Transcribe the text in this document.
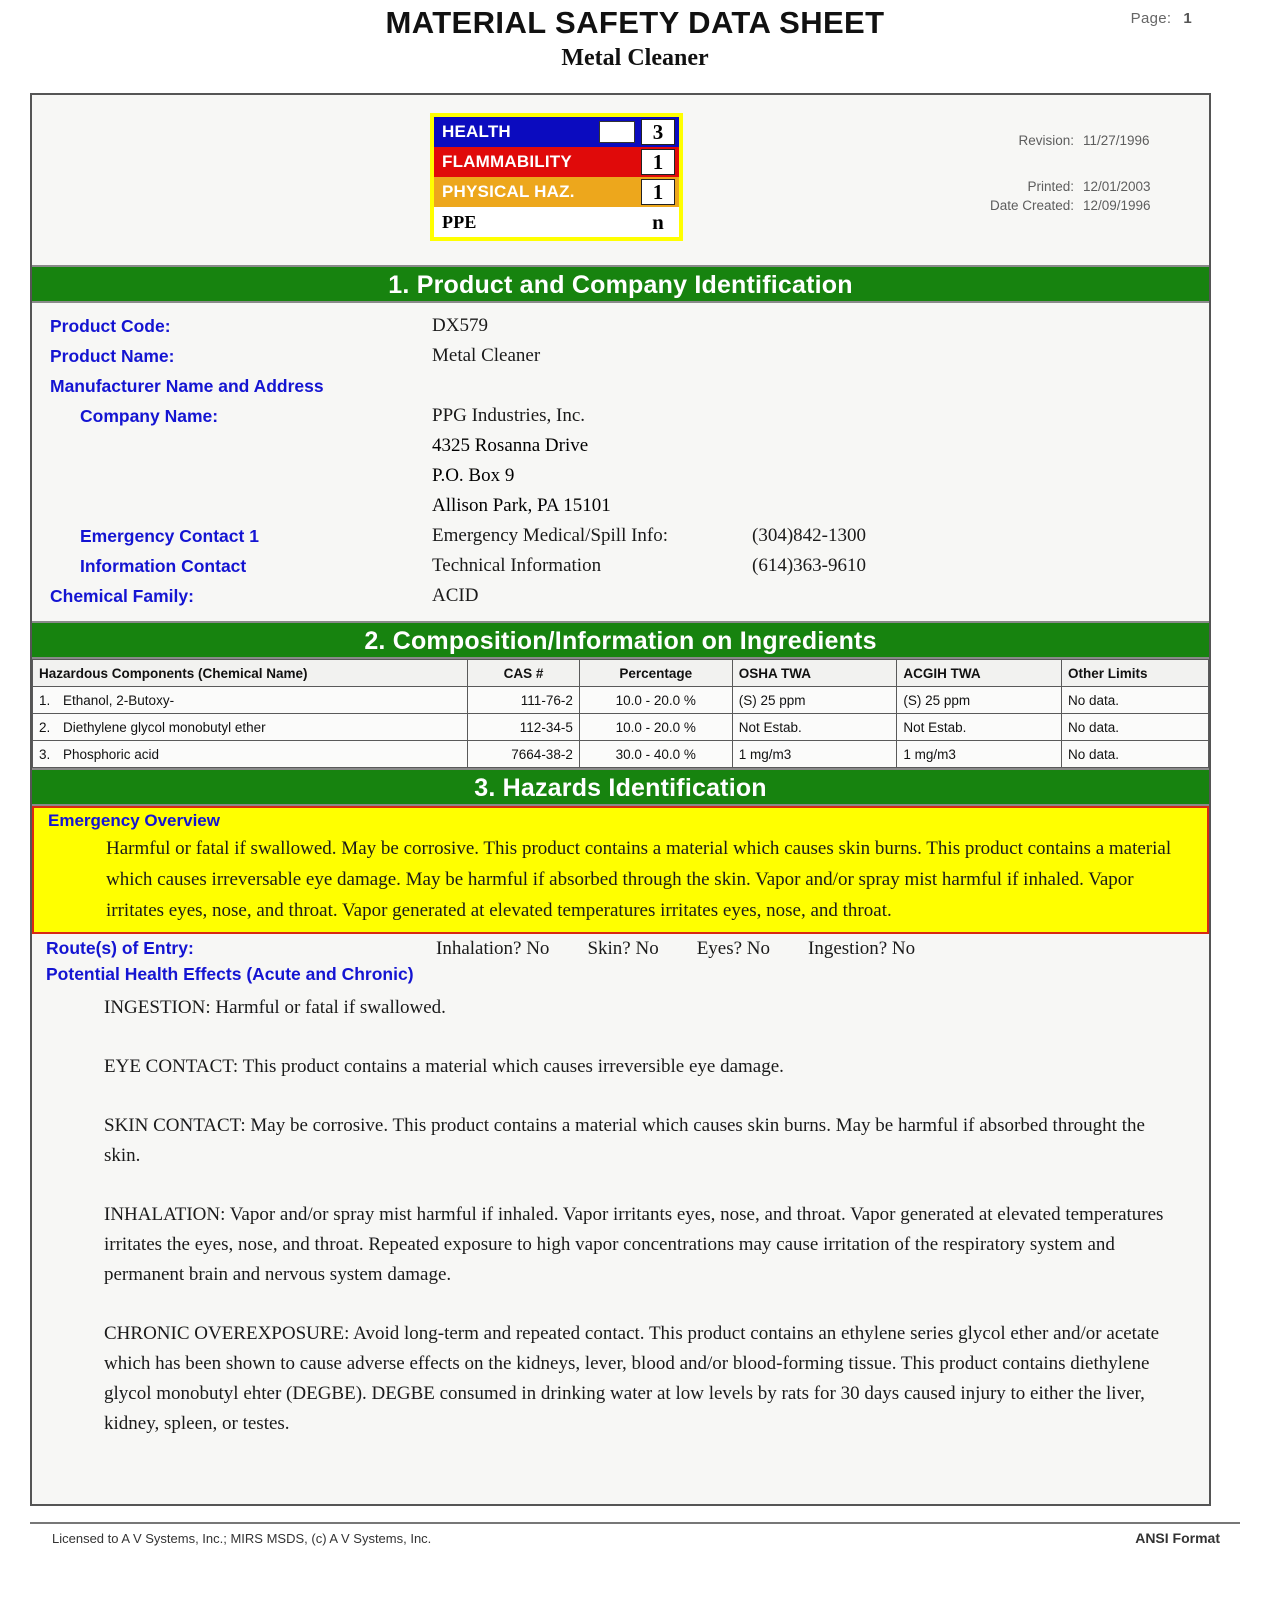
MATERIAL SAFETY DATA SHEET
Metal Cleaner
Page: 1
HEALTH	3
FLAMMABILITY	1
PHYSICAL HAZ.	1
PPE	n
Revision: 11/27/1996
Printed: 12/01/2003
Date Created: 12/09/1996
1. Product and Company Identification
Product Code:	DX579
Product Name:	Metal Cleaner
Manufacturer Name and Address
Company Name:	PPG Industries, Inc.
4325 Rosanna Drive
P.O. Box 9
Allison Park, PA 15101
Emergency Contact 1	Emergency Medical/Spill Info:	(304)842-1300
Information Contact	Technical Information	(614)363-9610
Chemical Family:	ACID
2. Composition/Information on Ingredients
Hazardous Components (Chemical Name)	CAS #	Percentage	OSHA TWA	ACGIH TWA	Other Limits
1. Ethanol, 2-Butoxy-	111-76-2	10.0 - 20.0 %	(S) 25 ppm	(S) 25 ppm	No data.
2. Diethylene glycol monobutyl ether	112-34-5	10.0 - 20.0 %	Not Estab.	Not Estab.	No data.
3. Phosphoric acid	7664-38-2	30.0 - 40.0 %	1 mg/m3	1 mg/m3	No data.
3. Hazards Identification
Emergency Overview
Harmful or fatal if swallowed. May be corrosive. This product contains a material which causes skin burns. This product contains a material which causes irreversable eye damage. May be harmful if absorbed through the skin. Vapor and/or spray mist harmful if inhaled. Vapor irritates eyes, nose, and throat. Vapor generated at elevated temperatures irritates eyes, nose, and throat.
Route(s) of Entry:	Inhalation? No Skin? No Eyes? No Ingestion? No
Potential Health Effects (Acute and Chronic)

INGESTION: Harmful or fatal if swallowed.

EYE CONTACT: This product contains a material which causes irreversible eye damage.

SKIN CONTACT: May be corrosive. This product contains a material which causes skin burns. May be harmful if absorbed throught the skin.

INHALATION: Vapor and/or spray mist harmful if inhaled. Vapor irritants eyes, nose, and throat. Vapor generated at elevated temperatures irritates the eyes, nose, and throat. Repeated exposure to high vapor concentrations may cause irritation of the respiratory system and permanent brain and nervous system damage.

CHRONIC OVEREXPOSURE: Avoid long-term and repeated contact. This product contains an ethylene series glycol ether and/or acetate which has been shown to cause adverse effects on the kidneys, lever, blood and/or blood-forming tissue. This product contains diethylene glycol monobutyl ehter (DEGBE). DEGBE consumed in drinking water at low levels by rats for 30 days caused injury to either the liver, kidney, spleen, or testes.

Licensed to A V Systems, Inc.; MIRS MSDS, (c) A V Systems, Inc.	ANSI Format
